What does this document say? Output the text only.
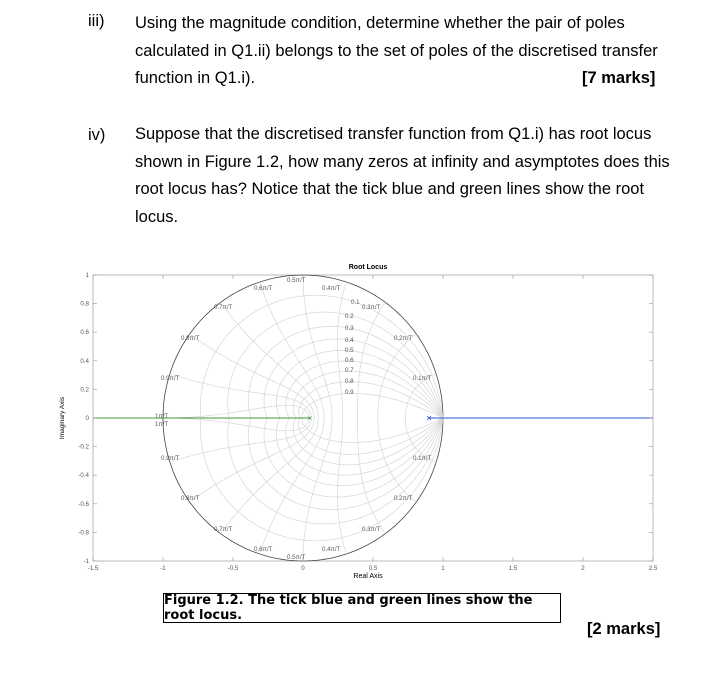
iii) Using the magnitude condition, determine whether the pair of poles
calculated in Q1.ii) belongs to the set of poles of the discretised transfer
function in Q1.i).	[7 marks]
iv) Suppose that the discretised transfer function from Q1.i) has root locus
shown in Figure 1.2, how many zeros at infinity and asymptotes does this
root locus has? Notice that the tick blue and green lines show the root
locus.
Root Locus
0.1
0.2
0.3
0.4
0.5
0.6
0.7
0.8
0.9
0.5π/T
0.6π/T	0.4π/T
0.7π/T	0.3π/T
0.8π/T	0.2π/T
0.9π/T	0.1π/T
1π/T
1π/T
0.9π/T	0.1π/T
0.8π/T	0.2π/T
0.7π/T	0.3π/T
0.6π/T	0.4π/T
0.5π/T
-1.5	-1	-0.5	0	0.5	1	1.5	2	2.5
-1
-0.8
-0.6
-0.4
-0.2
0
0.2
0.4
0.6
0.8
1
Real Axis
Imaginary Axis
Figure 1.2. The tick blue and green lines show the root locus.
[2 marks]
